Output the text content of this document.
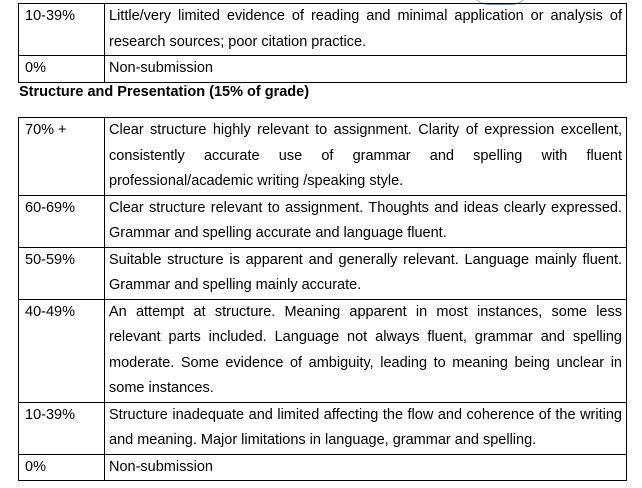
10-39%	Little/very limited evidence of reading and minimal application or analysis of research sources; poor citation practice.
0%	Non-submission
Structure and Presentation (15% of grade)
70% +	Clear structure highly relevant to assignment. Clarity of expression excellent, consistently accurate use of grammar and spelling with fluent professional/academic writing /speaking style.
60-69%	Clear structure relevant to assignment. Thoughts and ideas clearly expressed. Grammar and spelling accurate and language fluent.
50-59%	Suitable structure is apparent and generally relevant. Language mainly fluent. Grammar and spelling mainly accurate.
40-49%	An attempt at structure. Meaning apparent in most instances, some less relevant parts included. Language not always fluent, grammar and spelling moderate. Some evidence of ambiguity, leading to meaning being unclear in some instances.
10-39%	Structure inadequate and limited affecting the flow and coherence of the writing and meaning. Major limitations in language, grammar and spelling.
0%	Non-submission
